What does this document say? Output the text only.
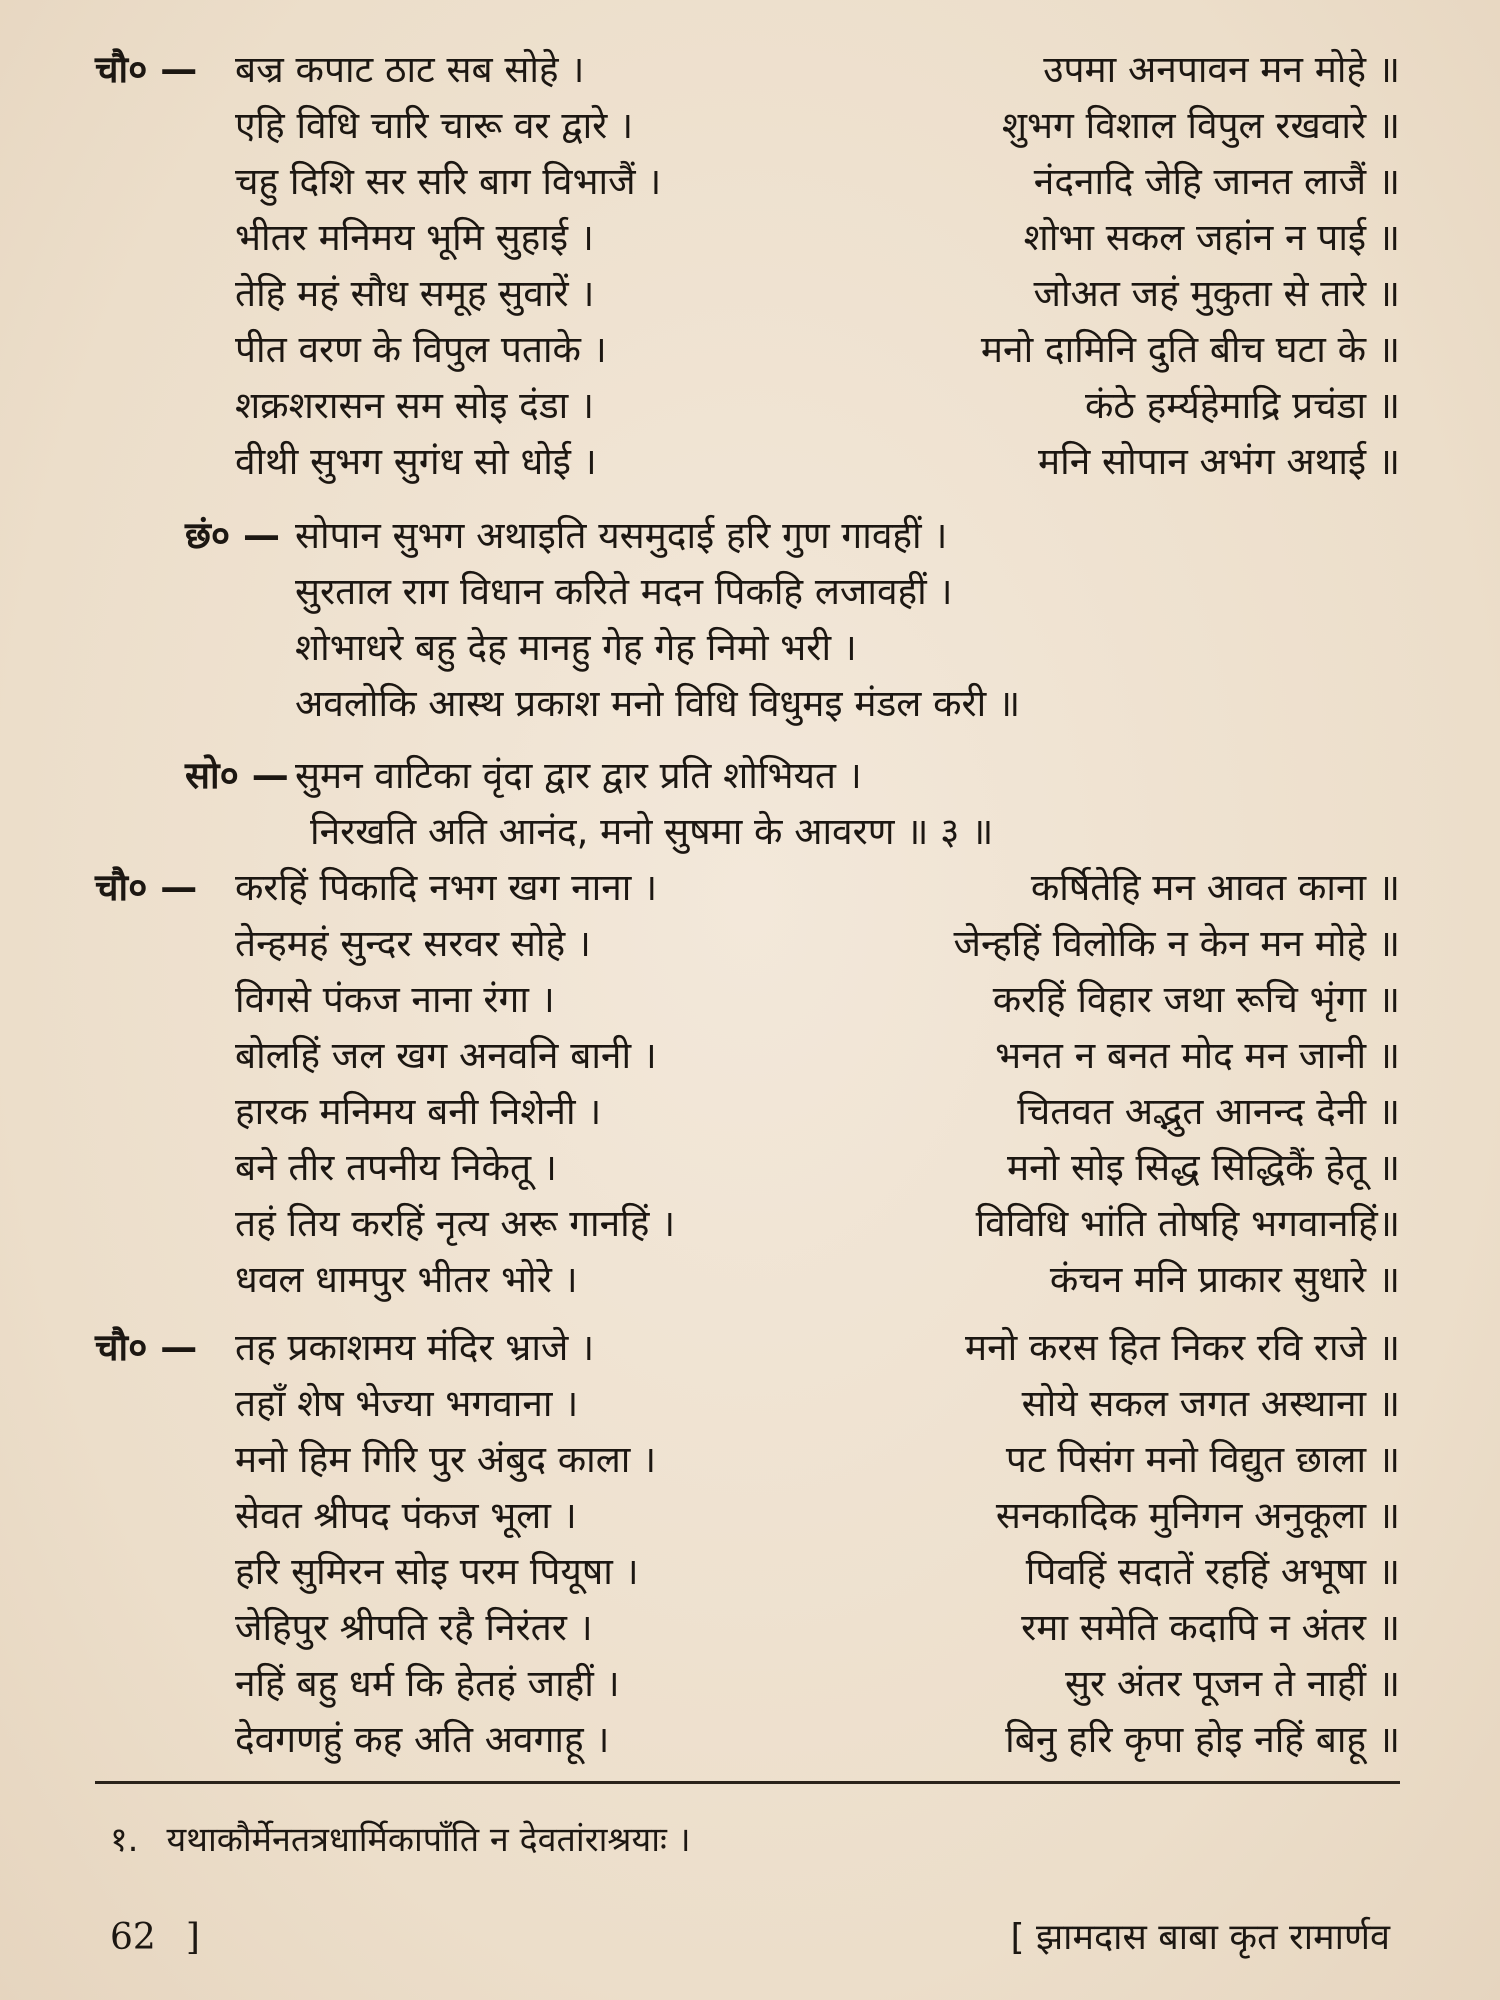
चौ० — बज्र कपाट ठाट सब सोहे ।	उपमा अनपावन मन मोहे ॥
एहि विधि चारि चारू वर द्वारे ।	शुभग विशाल विपुल रखवारे ॥
चहु दिशि सर सरि बाग विभाजैं ।	नंदनादि जेहि जानत लाजैं ॥
भीतर मनिमय भूमि सुहाई ।	शोभा सकल जहांन न पाई ॥
तेहि महं सौध समूह सुवारें ।	जोअत जहं मुकुता से तारे ॥
पीत वरण के विपुल पताके ।	मनो दामिनि दुति बीच घटा के ॥
शक्रशरासन सम सोइ दंडा ।	कंठे हर्म्यहेमाद्रि प्रचंडा ॥
वीथी सुभग सुगंध सो धोई ।	मनि सोपान अभंग अथाई ॥
छं० — सोपान सुभग अथाइति यसमुदाई हरि गुण गावहीं ।
सुरताल राग विधान करिते मदन पिकहि लजावहीं ।
शोभाधरे बहु देह मानहु गेह गेह निमो भरी ।
अवलोकि आस्थ प्रकाश मनो विधि विधुमइ मंडल करी ॥
सो० — सुमन वाटिका वृंदा द्वार द्वार प्रति शोभियत ।
निरखति अति आनंद, मनो सुषमा के आवरण ॥ ३ ॥
चौ० — करहिं पिकादि नभग खग नाना ।	कर्षितेहि मन आवत काना ॥
तेन्हमहं सुन्दर सरवर सोहे ।	जेन्हहिं विलोकि न केन मन मोहे ॥
विगसे पंकज नाना रंगा ।	करहिं विहार जथा रूचि भृंगा ॥
बोलहिं जल खग अनवनि बानी ।	भनत न बनत मोद मन जानी ॥
हारक मनिमय बनी निशेनी ।	चितवत अद्भुत आनन्द देनी ॥
बने तीर तपनीय निकेतू ।	मनो सोइ सिद्ध सिद्धिकैं हेतू ॥
तहं तिय करहिं नृत्य अरू गानहिं ।	विविधि भांति तोषहि भगवानहिं॥
धवल धामपुर भीतर भोरे ।	कंचन मनि प्राकार सुधारे ॥
चौ० — तह प्रकाशमय मंदिर भ्राजे ।	मनो करस हित निकर रवि राजे ॥
तहाँ शेष भेज्या भगवाना ।	सोये सकल जगत अस्थाना ॥
मनो हिम गिरि पुर अंबुद काला ।	पट पिसंग मनो विद्युत छाला ॥
सेवत श्रीपद पंकज भूला ।	सनकादिक मुनिगन अनुकूला ॥
हरि सुमिरन सोइ परम पियूषा ।	पिवहिं सदातें रहहिं अभूषा ॥
जेहिपुर श्रीपति रहै निरंतर ।	रमा समेति कदापि न अंतर ॥
नहिं बहु धर्म कि हेतहं जाहीं ।	सुर अंतर पूजन ते नाहीं ॥
देवगणहुं कह अति अवगाहू ।	बिनु हरि कृपा होइ नहिं बाहू ॥
१. यथाकौर्मेनतत्रधार्मिकापाँति न देवतांराश्रयाः ।
62 ]	[ झामदास बाबा कृत रामार्णव
